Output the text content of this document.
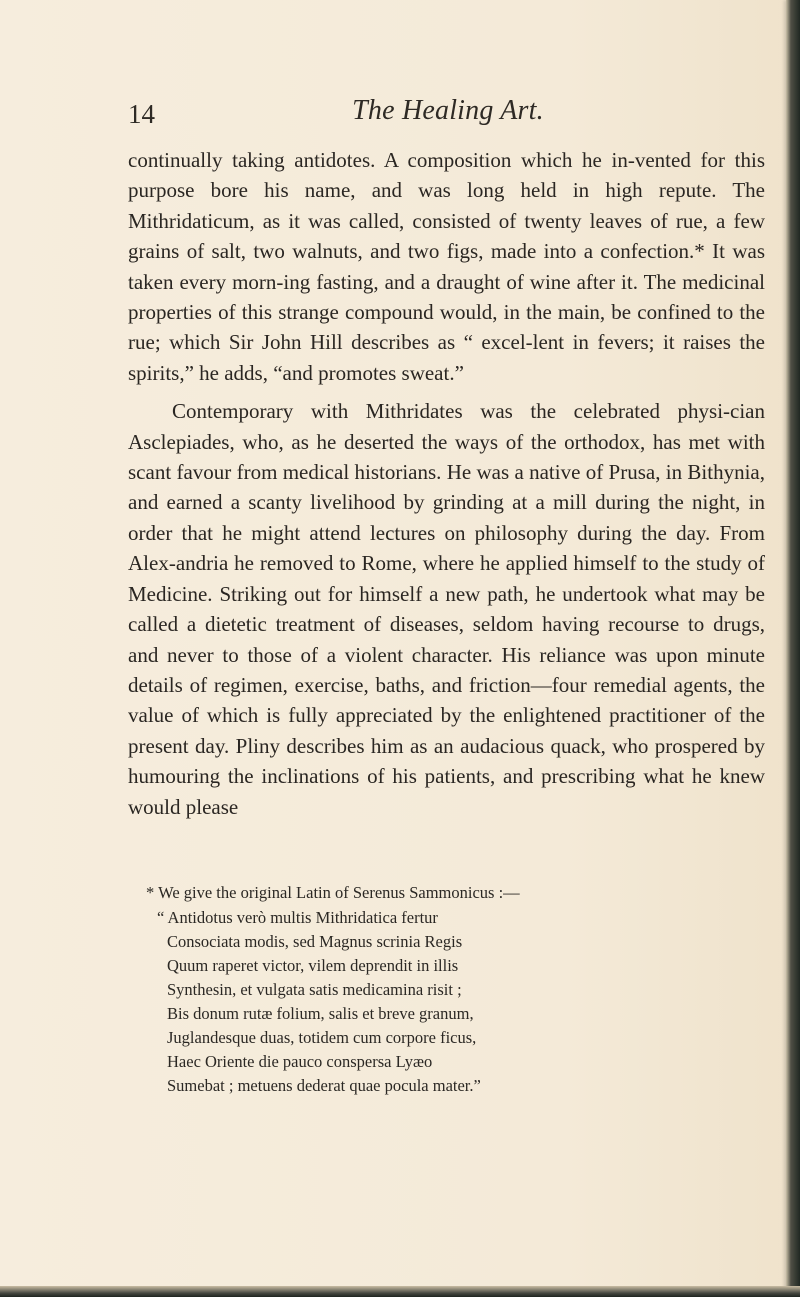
14	The Healing Art.

continually taking antidotes. A composition which he in-vented for this purpose bore his name, and was long held in high repute. The Mithridaticum, as it was called, consisted of twenty leaves of rue, a few grains of salt, two walnuts, and two figs, made into a confection.* It was taken every morn-ing fasting, and a draught of wine after it. The medicinal properties of this strange compound would, in the main, be confined to the rue; which Sir John Hill describes as “ excel-lent in fevers; it raises the spirits,” he adds, “and promotes sweat.”

Contemporary with Mithridates was the celebrated physi-cian Asclepiades, who, as he deserted the ways of the orthodox, has met with scant favour from medical historians. He was a native of Prusa, in Bithynia, and earned a scanty livelihood by grinding at a mill during the night, in order that he might attend lectures on philosophy during the day. From Alex-andria he removed to Rome, where he applied himself to the study of Medicine. Striking out for himself a new path, he undertook what may be called a dietetic treatment of diseases, seldom having recourse to drugs, and never to those of a violent character. His reliance was upon minute details of regimen, exercise, baths, and friction—four remedial agents, the value of which is fully appreciated by the enlightened practitioner of the present day. Pliny describes him as an audacious quack, who prospered by humouring the inclinations of his patients, and prescribing what he knew would please

* We give the original Latin of Serenus Sammonicus :—

“ Antidotus verò multis Mithridatica fertur

Consociata modis, sed Magnus scrinia Regis

Quum raperet victor, vilem deprendit in illis

Synthesin, et vulgata satis medicamina risit ;

Bis donum rutæ folium, salis et breve granum,

Juglandesque duas, totidem cum corpore ficus,

Haec Oriente die pauco conspersa Lyæo

Sumebat ; metuens dederat quae pocula mater.”
